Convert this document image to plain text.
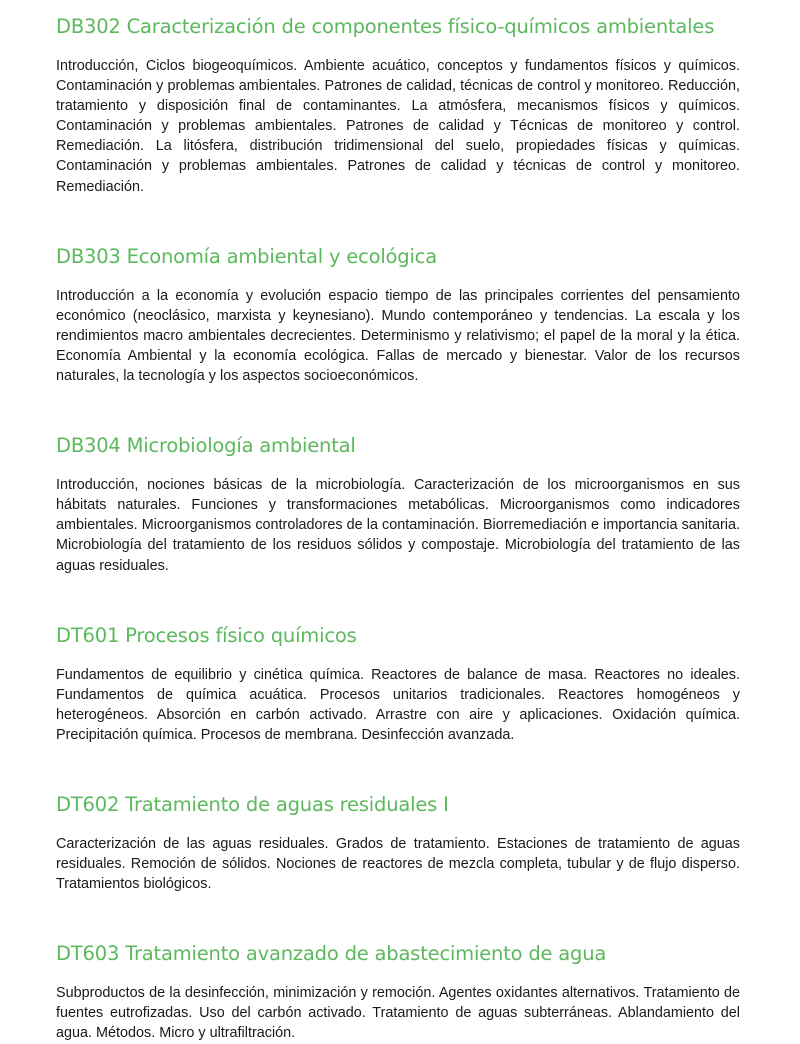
DB302 Caracterización de componentes físico-químicos ambientales

Introducción, Ciclos biogeoquímicos. Ambiente acuático, conceptos y fundamentos físicos y químicos. Contaminación y problemas ambientales. Patrones de calidad, técnicas de control y monitoreo. Reducción, tratamiento y disposición final de contaminantes. La atmósfera, mecanismos físicos y químicos. Contaminación y problemas ambientales. Patrones de calidad y Técnicas de monitoreo y control. Remediación. La litósfera, distribución tridimensional del suelo, propiedades físicas y químicas. Contaminación y problemas ambientales. Patrones de calidad y técnicas de control y monitoreo. Remediación.

DB303 Economía ambiental y ecológica

Introducción a la economía y evolución espacio tiempo de las principales corrientes del pensamiento económico (neoclásico, marxista y keynesiano). Mundo contemporáneo y tendencias. La escala y los rendimientos macro ambientales decrecientes. Determinismo y relativismo; el papel de la moral y la ética. Economía Ambiental y la economía ecológica. Fallas de mercado y bienestar. Valor de los recursos naturales, la tecnología y los aspectos socioeconómicos.

DB304 Microbiología ambiental

Introducción, nociones básicas de la microbiología. Caracterización de los microorganismos en sus hábitats naturales. Funciones y transformaciones metabólicas. Microorganismos como indicadores ambientales. Microorganismos controladores de la contaminación. Biorremediación e importancia sanitaria. Microbiología del tratamiento de los residuos sólidos y compostaje. Microbiología del tratamiento de las aguas residuales.

DT601 Procesos físico químicos

Fundamentos de equilibrio y cinética química. Reactores de balance de masa. Reactores no ideales. Fundamentos de química acuática. Procesos unitarios tradicionales. Reactores homogéneos y heterogéneos. Absorción en carbón activado. Arrastre con aire y aplicaciones. Oxidación química. Precipitación química. Procesos de membrana. Desinfección avanzada.

DT602 Tratamiento de aguas residuales I

Caracterización de las aguas residuales. Grados de tratamiento. Estaciones de tratamiento de aguas residuales. Remoción de sólidos. Nociones de reactores de mezcla completa, tubular y de flujo disperso. Tratamientos biológicos.

DT603 Tratamiento avanzado de abastecimiento de agua

Subproductos de la desinfección, minimización y remoción. Agentes oxidantes alternativos. Tratamiento de fuentes eutrofizadas. Uso del carbón activado. Tratamiento de aguas subterráneas. Ablandamiento del agua. Métodos. Micro y ultrafiltración.
